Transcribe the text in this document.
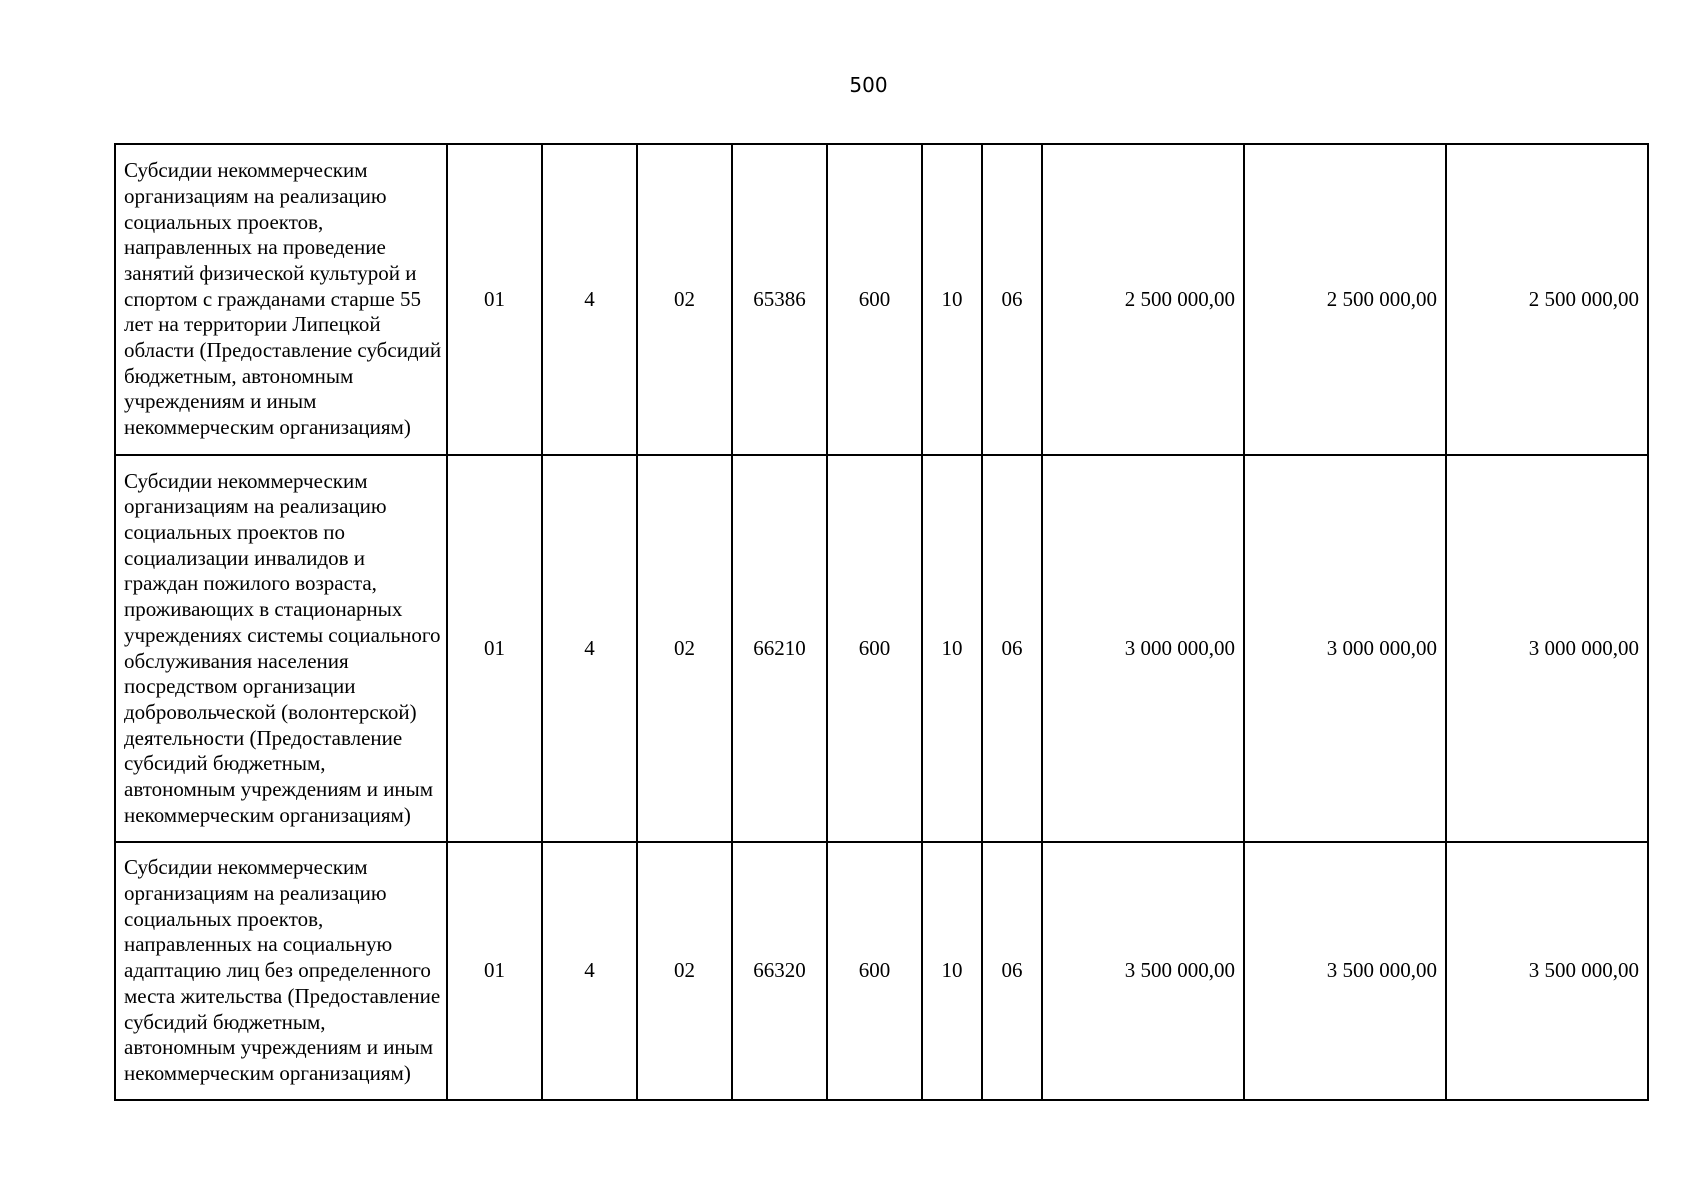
500
Субсидии некоммерческим организациям на реализацию социальных проектов, направленных на проведение занятий физической культурой и спортом с гражданами старше 55 лет на территории Липецкой области (Предоставление субсидий бюджетным, автономным учреждениям и иным некоммерческим организациям)	01	4	02	65386	600	10	06	2 500 000,00	2 500 000,00	2 500 000,00
Субсидии некоммерческим организациям на реализацию социальных проектов по социализации инвалидов и граждан пожилого возраста, проживающих в стационарных учреждениях системы социального обслуживания населения посредством организации добровольческой (волонтерской) деятельности (Предоставление субсидий бюджетным, автономным учреждениям и иным некоммерческим организациям)	01	4	02	66210	600	10	06	3 000 000,00	3 000 000,00	3 000 000,00
Субсидии некоммерческим организациям на реализацию социальных проектов, направленных на социальную адаптацию лиц без определенного места жительства (Предоставление субсидий бюджетным, автономным учреждениям и иным некоммерческим организациям)	01	4	02	66320	600	10	06	3 500 000,00	3 500 000,00	3 500 000,00
